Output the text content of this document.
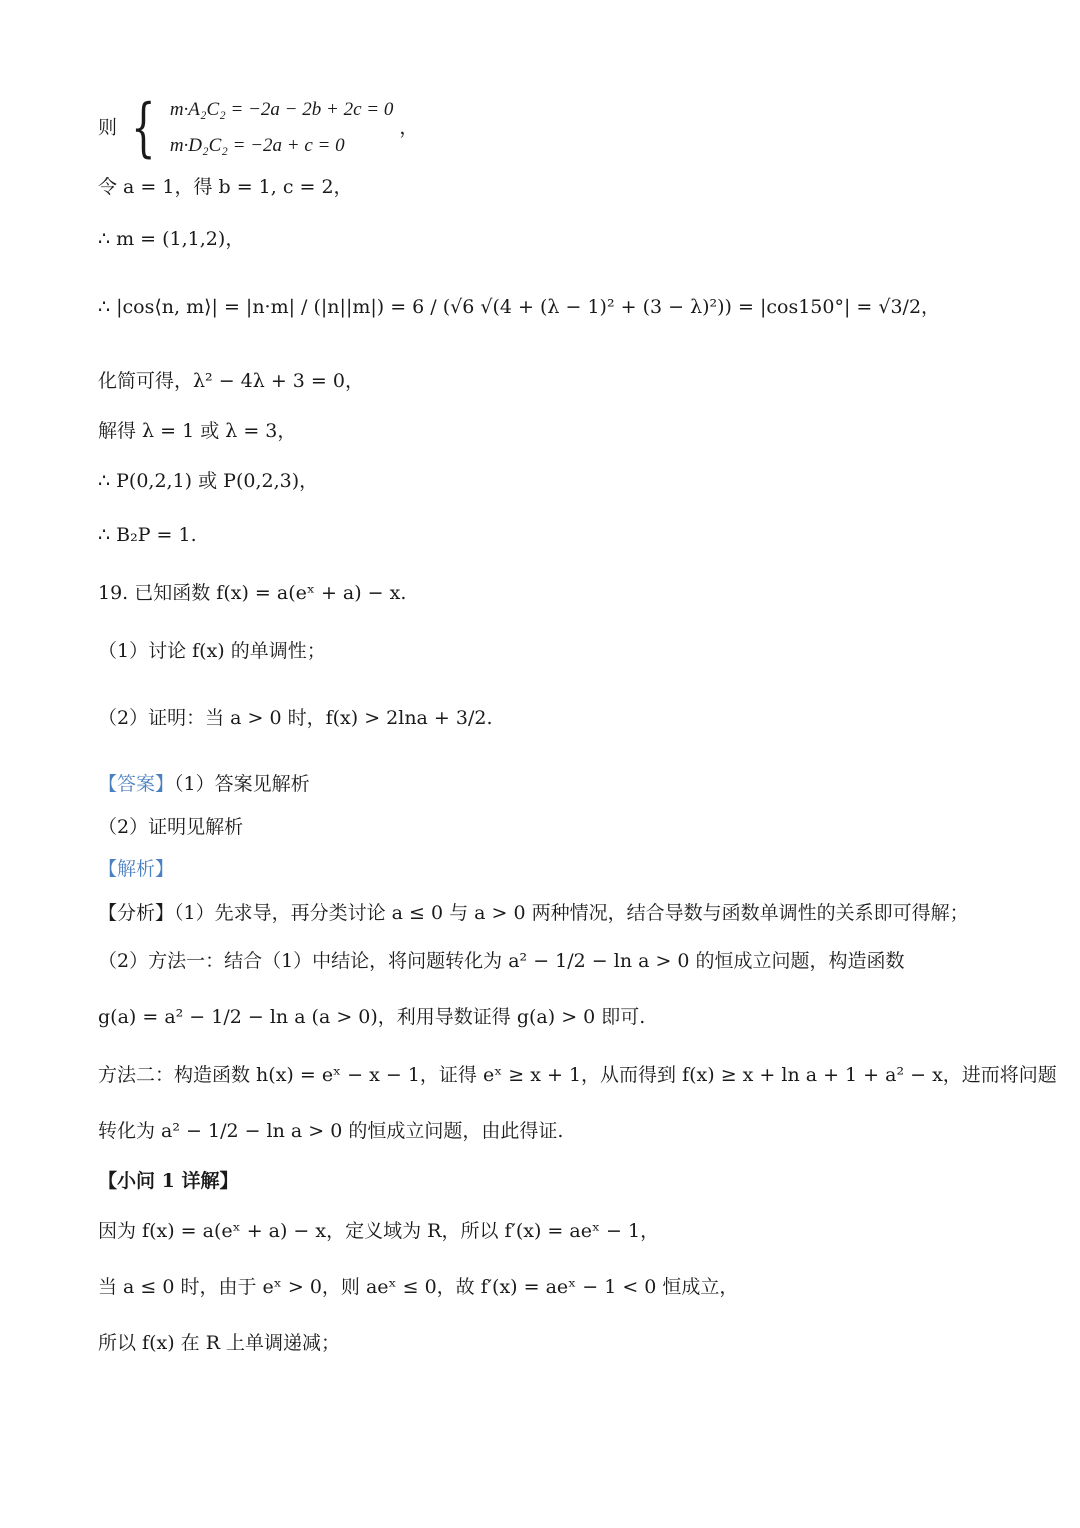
则 { m·A₂C₂ = −2a − 2b + 2c = 0
m·D₂C₂ = −2a + c = 0
，
令 a = 1，得 b = 1, c = 2，
∴ m = (1,1,2)，
∴ |cos⟨n, m⟩| = |n·m| / (|n||m|) = 6 / (√6 √(4 + (λ − 1)² + (3 − λ)²)) = |cos150°| = √3/2，
化简可得，λ² − 4λ + 3 = 0，
解得 λ = 1 或 λ = 3，
∴ P(0,2,1) 或 P(0,2,3)，
∴ B₂P = 1.
19. 已知函数 f(x) = a(eˣ + a) − x.
（1）讨论 f(x) 的单调性；
（2）证明：当 a > 0 时，f(x) > 2lna + 3/2.
【答案】（1）答案见解析
（2）证明见解析
【解析】
【分析】（1）先求导，再分类讨论 a ≤ 0 与 a > 0 两种情况，结合导数与函数单调性的关系即可得解；
（2）方法一：结合（1）中结论，将问题转化为 a² − 1/2 − ln a > 0 的恒成立问题，构造函数
g(a) = a² − 1/2 − ln a (a > 0)，利用导数证得 g(a) > 0 即可.
方法二：构造函数 h(x) = eˣ − x − 1，证得 eˣ ≥ x + 1，从而得到 f(x) ≥ x + ln a + 1 + a² − x，进而将问题
转化为 a² − 1/2 − ln a > 0 的恒成立问题，由此得证.
【小问 1 详解】
因为 f(x) = a(eˣ + a) − x，定义域为 R，所以 f′(x) = aeˣ − 1，
当 a ≤ 0 时，由于 eˣ > 0，则 aeˣ ≤ 0，故 f′(x) = aeˣ − 1 < 0 恒成立，
所以 f(x) 在 R 上单调递减；
